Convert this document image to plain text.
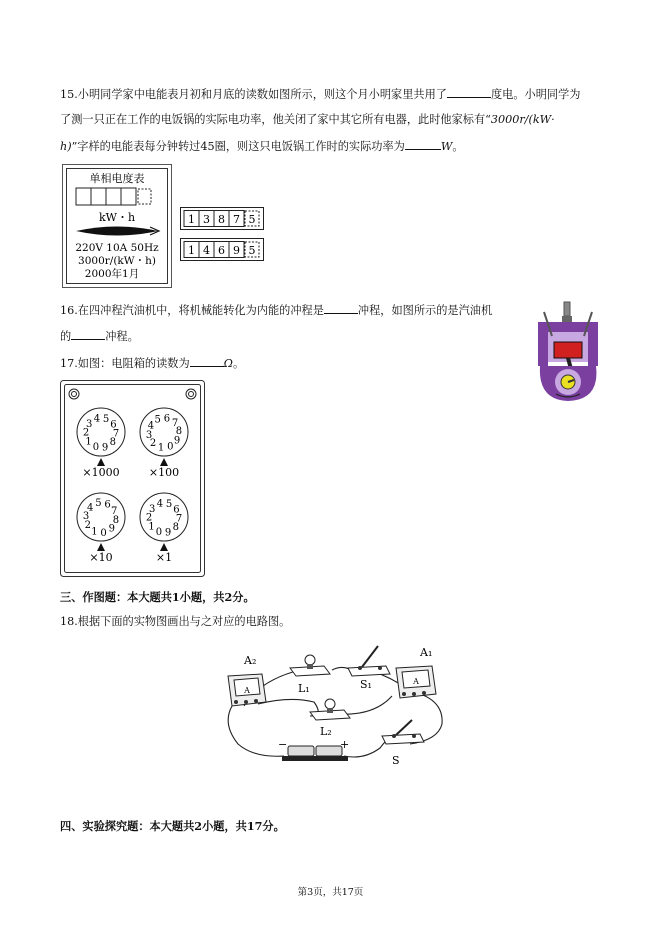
15.小明同学家中电能表月初和月底的读数如图所示，则这个月小明家里共用了	度电。小明同学为
了测一只正在工作的电饭锅的实际电功率，他关闭了家中其它所有电器，此时他家标有“3000r/(kW·
h)”字样的电能表每分钟转过45圈，则这只电饭锅工作时的实际功率为	W。
单相电度表
kW・h
220V 10A 50Hz
3000r/(kW・h)
2000年1月
1 3 8 7 5
1 4 6 9 5
16.在四冲程汽油机中，将机械能转化为内能的冲程是	冲程，如图所示的是汽油机
的	冲程。
17.如图：电阻箱的读数为	Ω。
0
1
2
3 4 5
6
7
8
9	0
1
2
3
4
5 6 7
8
9
0
1
2
3
4 5 6
7
8
9	0
1
2
3 4 5
6
7
8
9
×1000	×100
×10	×1
三、作图题：本大题共1小题，共2分。
18.根据下面的实物图画出与之对应的电路图。
A
A₂
L₁	S₁	A
A₁
L₂
−	+
S
四、实验探究题：本大题共2小题，共17分。
第3页，共17页
